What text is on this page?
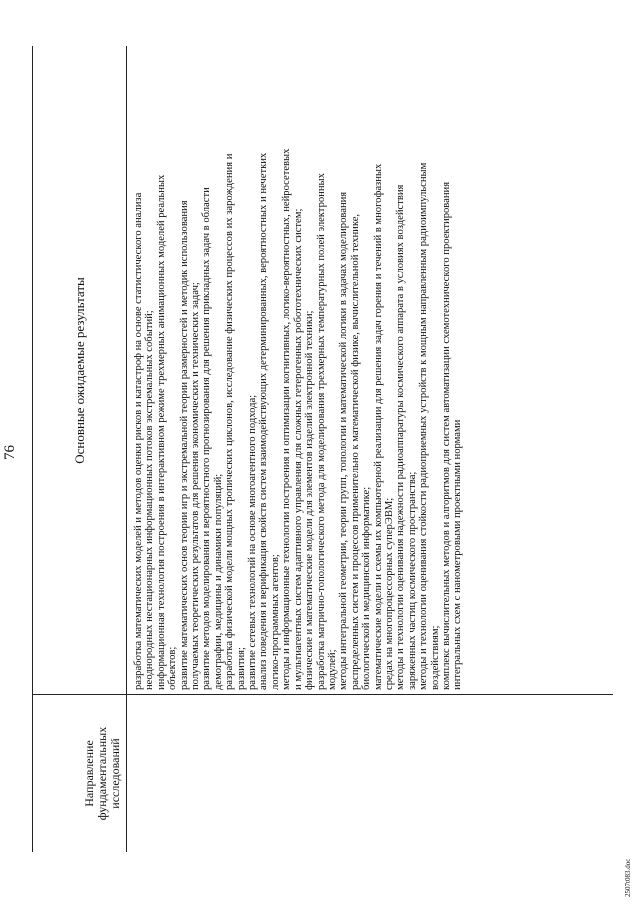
76
Направление фундаментальных исследований
Основные ожидаемые результаты	разработка математических моделей и методов оценки рисков и катастроф на основе статистического анализа неоднородных нестационарных информационных потоков экстремальных событий; информационная технология построения в интерактивном режиме трехмерных анимационных моделей реальных объектов; развитие математических основ теории игр и экстремальной теории размерностей и методик использования получаемых теоретических результатов для решения экономических и технических задач; развитие методов моделирования и вероятностного прогнозирования для решения прикладных задач в области демографии, медицины и динамики популяций; разработка физической модели мощных тропических циклонов, исследование физических процессов их зарождения и развития; развитие сетевых технологий на основе многоагентного подхода; анализ поведения и верификация свойств систем взаимодействующих детерминированных, вероятностных и нечетких логико-программных агентов; методы и информационные технологии построения и оптимизации когнитивных, логико-вероятностных, нейросетевых и мультиагентных систем адаптивного управления для сложных гетерогенных робототехнических систем; физические и математические модели для элементов изделий электронной техники; разработка матрично-топологического метода для моделирования трехмерных температурных полей электронных модулей; методы интегральной геометрии, теории групп, топологии и математической логики в задачах моделирования распределенных систем и процессов применительно к математической физике, вычислительной технике, биологической и медицинской информатике; математические модели и схемы их компьютерной реализации для решения задач горения и течений в многофазных средах на многопроцессорных суперЭВМ; методы и технологии оценивания надежности радиоаппаратуры космического аппарата в условиях воздействия заряженных частиц космического пространства; методы и технологии оценивания стойкости радиоприемных устройств к мощным направленным радиоимпульсным воздействиям; комплекс вычислительных методов и алгоритмов для систем автоматизации схемотехнического проектирования интегральных схем с нанометровыми проектными нормами

2507t083.doc
